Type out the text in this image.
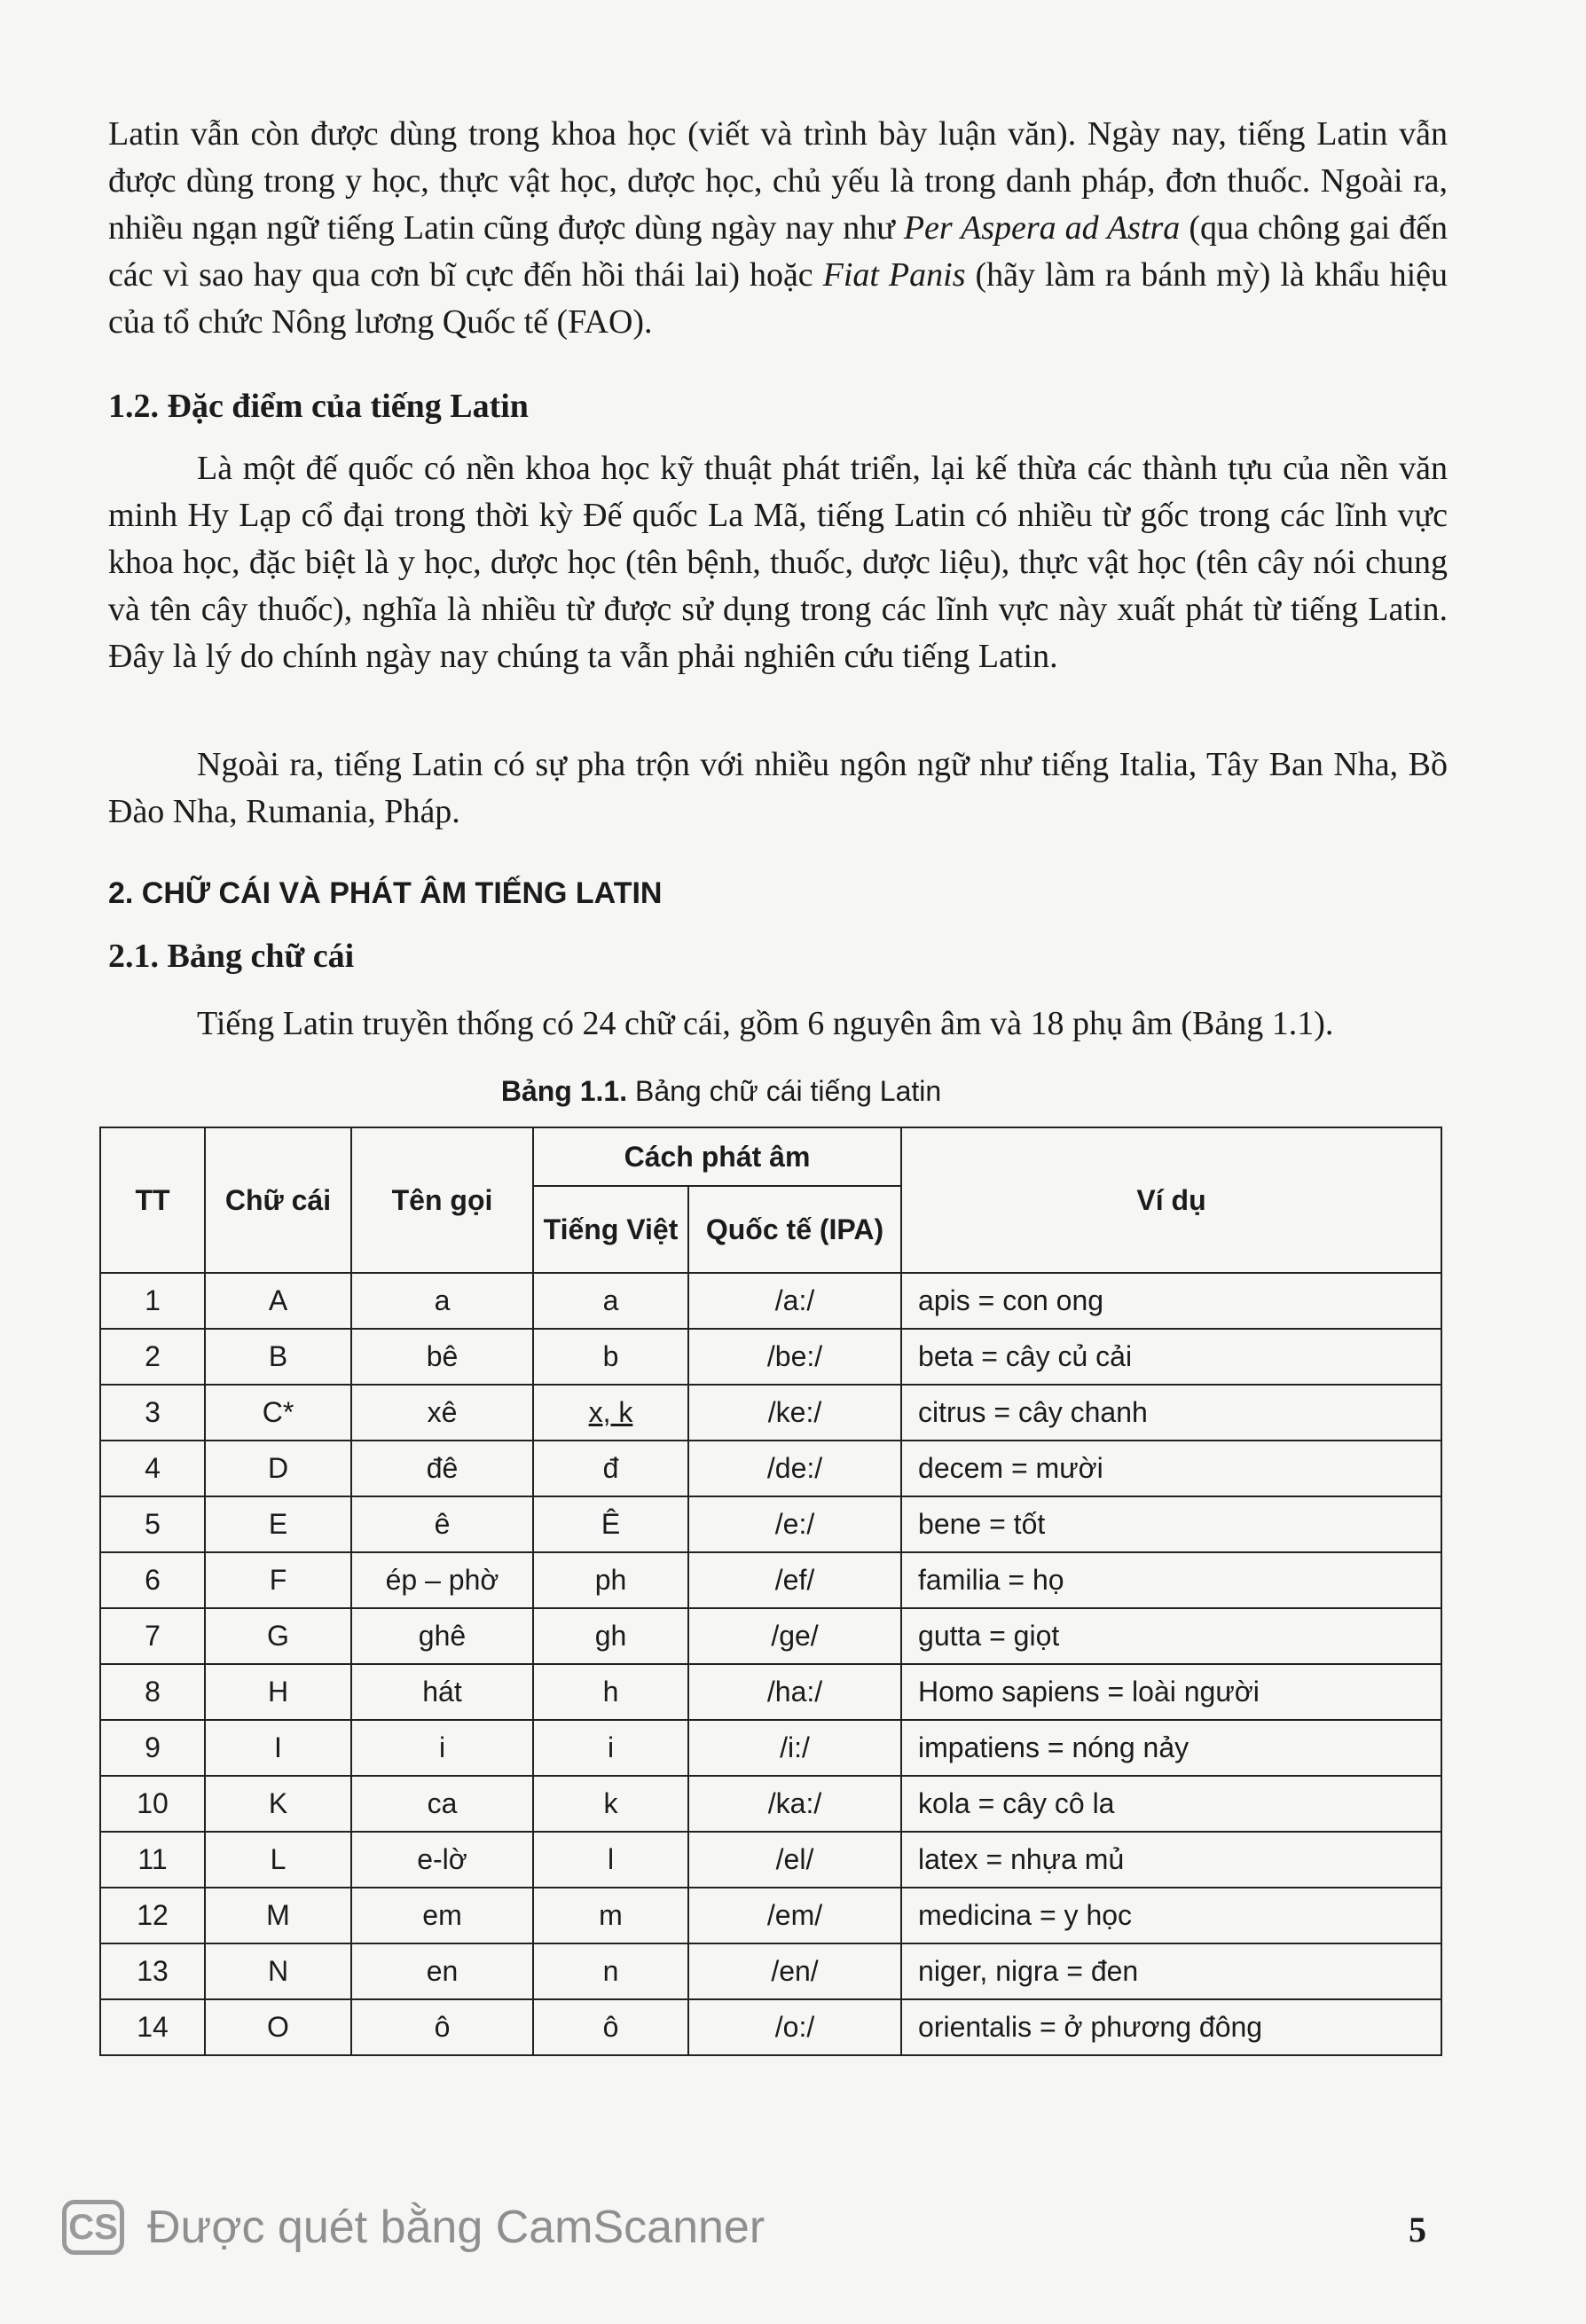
Latin vẫn còn được dùng trong khoa học (viết và trình bày luận văn). Ngày nay, tiếng Latin vẫn được dùng trong y học, thực vật học, dược học, chủ yếu là trong danh pháp, đơn thuốc. Ngoài ra, nhiều ngạn ngữ tiếng Latin cũng được dùng ngày nay như Per Aspera ad Astra (qua chông gai đến các vì sao hay qua cơn bĩ cực đến hồi thái lai) hoặc Fiat Panis (hãy làm ra bánh mỳ) là khẩu hiệu của tổ chức Nông lương Quốc tế (FAO).

1.2. Đặc điểm của tiếng Latin

Là một đế quốc có nền khoa học kỹ thuật phát triển, lại kế thừa các thành tựu của nền văn minh Hy Lạp cổ đại trong thời kỳ Đế quốc La Mã, tiếng Latin có nhiều từ gốc trong các lĩnh vực khoa học, đặc biệt là y học, dược học (tên bệnh, thuốc, dược liệu), thực vật học (tên cây nói chung và tên cây thuốc), nghĩa là nhiều từ được sử dụng trong các lĩnh vực này xuất phát từ tiếng Latin. Đây là lý do chính ngày nay chúng ta vẫn phải nghiên cứu tiếng Latin.

Ngoài ra, tiếng Latin có sự pha trộn với nhiều ngôn ngữ như tiếng Italia, Tây Ban Nha, Bồ Đào Nha, Rumania, Pháp.

2. CHỮ CÁI VÀ PHÁT ÂM TIẾNG LATIN
2.1. Bảng chữ cái

Tiếng Latin truyền thống có 24 chữ cái, gồm 6 nguyên âm và 18 phụ âm (Bảng 1.1).

Bảng 1.1. Bảng chữ cái tiếng Latin

TT	Chữ cái	Tên gọi	Cách phát âm		Ví dụ
			Tiếng Việt	Quốc tế (IPA)	
1	A	a	a	/a:/	apis = con ong
2	B	bê	b	/be:/	beta = cây củ cải
3	C*	xê	x, k	/ke:/	citrus = cây chanh
4	D	đê	đ	/de:/	decem = mười
5	E	ê	Ê	/e:/	bene = tốt
6	F	ép – phờ	ph	/ef/	familia = họ
7	G	ghê	gh	/ge/	gutta = giọt
8	H	hát	h	/ha:/	Homo sapiens = loài người
9	I	i	i	/i:/	impatiens = nóng nảy
10	K	ca	k	/ka:/	kola = cây cô la
11	L	e-lờ	l	/el/	latex = nhựa mủ
12	M	em	m	/em/	medicina = y học
13	N	en	n	/en/	niger, nigra = đen
14	O	ô	ô	/o:/	orientalis = ở phương đông
CS Được quét bằng CamScanner	5
